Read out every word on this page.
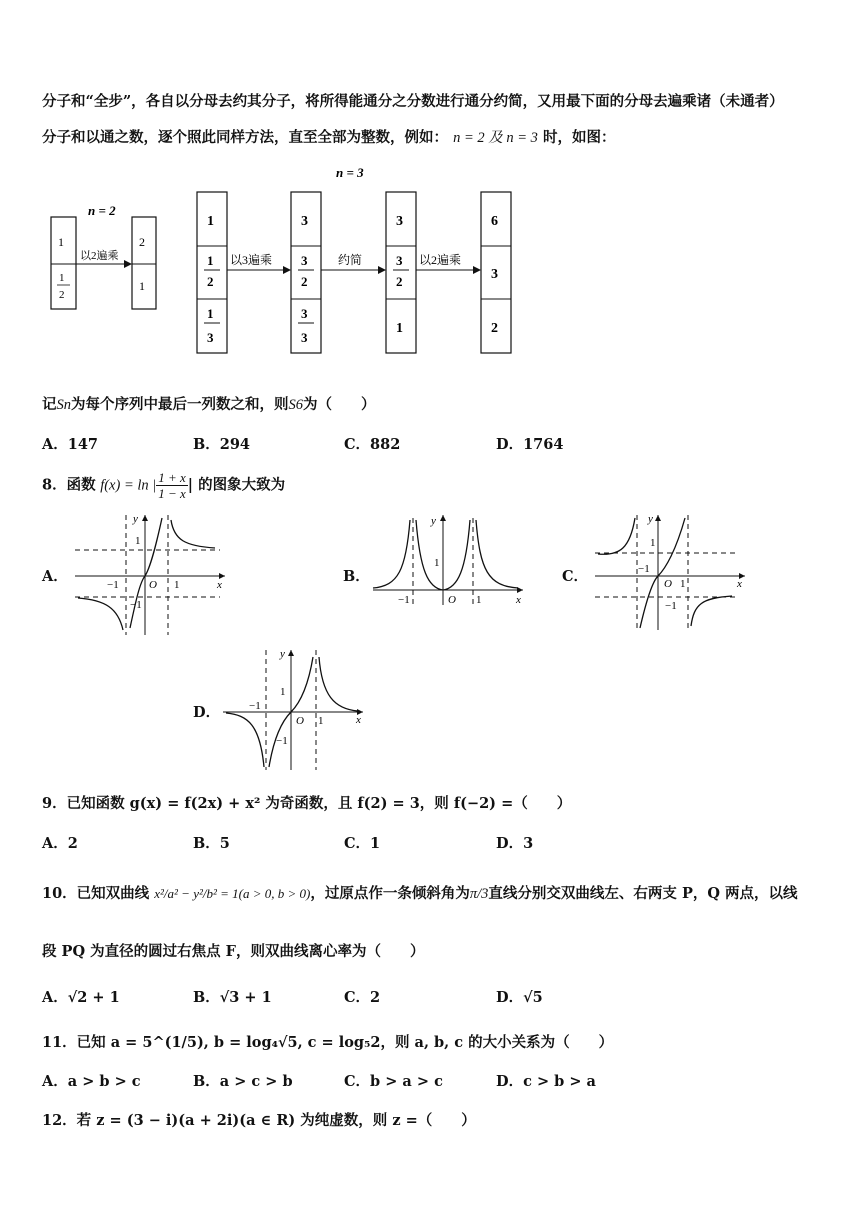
分子和“全步”，各自以分母去约其分子，将所得能通分之分数进行通分约简，又用最下面的分母去遍乘诸（未通者）
分子和以通之数，逐个照此同样方法，直至全部为整数，例如： n = 2 及 n = 3 时，如图：
n = 2
1
1
2
以2遍乘
2
1
n = 3
1
1
2
1
3
以3遍乘
3
3
2
3
3
约简
3
3
2
1
以2遍乘
6
3
2
记Sn为每个序列中最后一列数之和，则S6为（　　）
A．147	B．294	C．882	D．1764
8．函数 f(x) = ln | $\frac{1 + x}{1 - x}$ | 的图象大致为
A．	x
y
O
1
1
−1
−1
B．
x
y
O
1
1
−1
C．	x
y
O
1
1
−1
−1
D．	x
y
O
1
1
−1
−1
9．已知函数 g(x) = f(2x) + x² 为奇函数，且 f(2) = 3，则 f(−2) =（　　）
A．2	B．5	C．1	D．3
10．已知双曲线 x²/a² − y²/b² = 1(a > 0, b > 0)，过原点作一条倾斜角为π/3直线分别交双曲线左、右两支 P，Q 两点，以线
段 PQ 为直径的圆过右焦点 F，则双曲线离心率为（　　）
A．√2 + 1	B．√3 + 1	C．2	D．√5
11．已知 a = 5^(1/5), b = log₄√5, c = log₅2，则 a, b, c 的大小关系为（　　）
A．a > b > c	B．a > c > b	C．b > a > c	D．c > b > a
12．若 z = (3 − i)(a + 2i)(a ∈ R) 为纯虚数，则 z =（　　）
